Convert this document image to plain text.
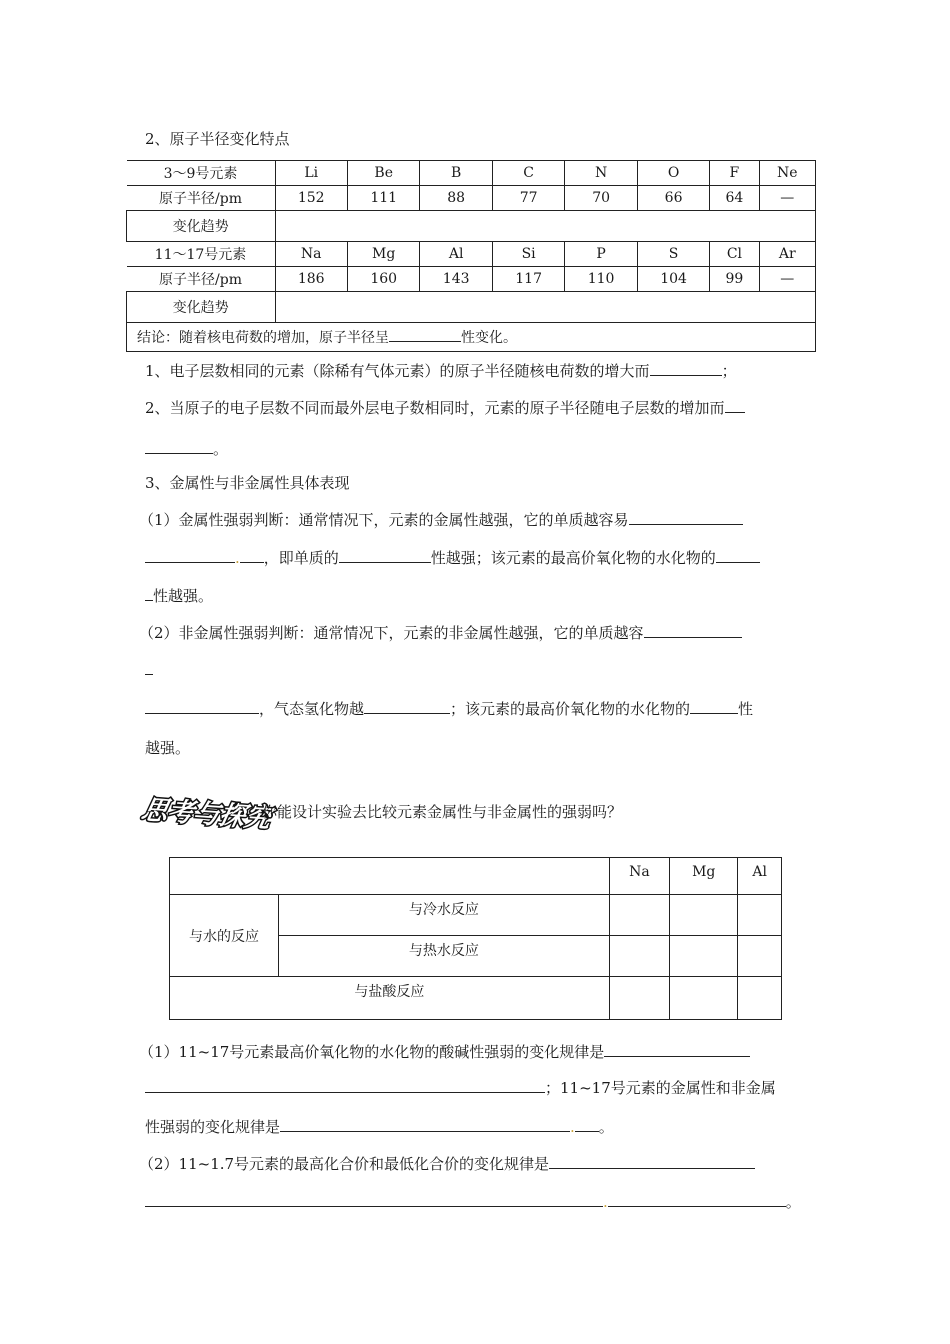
2、原子半径变化特点
3～9号元素	Li	Be	B	C	N	O	F	Ne
原子半径/pm	152	111	88	77	70	66	64	—
变化趋势								
11～17号元素	Na	Mg	Al	Si	P	S	Cl	Ar
原子半径/pm	186	160	143	117	110	104	99	—
变化趋势								
结论：随着核电荷数的增加，原子半径呈 性变化。								
1、电子层数相同的元素（除稀有气体元素）的原子半径随核电荷数的增大而	；
2、当原子的电子层数不同而最外层电子数相同时，元素的原子半径随电子层数的增加而
。
3、金属性与非金属性具体表现
（1）金属性强弱判断：通常情况下，元素的金属性越强，它的单质越容易
. ，即单质的	性越强；该元素的最高价氧化物的水化物的
性越强。
（2）非金属性强弱判断：通常情况下，元素的非金属性越强，它的单质越容
，气态氢化物越	；该元素的最高价氧化物的水化物的	性
越强。
思考与探究
你能设计实验去比较元素金属性与非金属性的强弱吗？
		Na	Mg	Al
与水的反应	与冷水反应			
	与热水反应			
与盐酸反应				
（1）11~17号元素最高价氧化物的水化物的酸碱性强弱的变化规律是
；11~17号元素的金属性和非金属
性强弱的变化规律是	. 。
（2）11~1.7号元素的最高化合价和最低化合价的变化规律是
.	。
